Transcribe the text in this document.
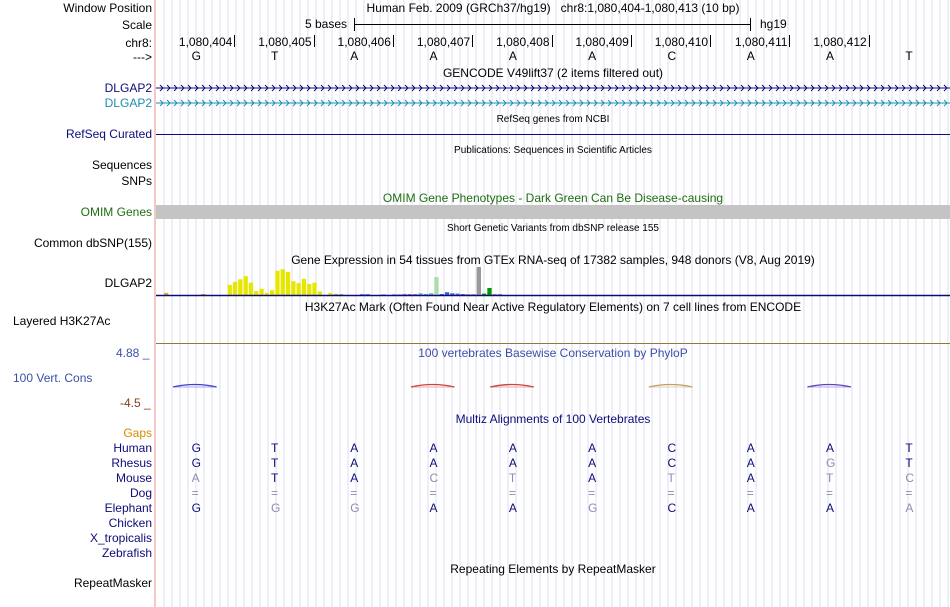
Window Position
Scale
chr8:
--->
Human Feb. 2009 (GRCh37/hg19)   chr8:1,080,404-1,080,413 (10 bp)
5 bases	hg19
1,080,404 1,080,405 1,080,406 1,080,407 1,080,408 1,080,409 1,080,410 1,080,411 1,080,412
G	T	A	A	A	A	C	A	A	T
GENCODE V49lift37 (2 items filtered out)
DLGAP2
DLGAP2
RefSeq genes from NCBI
RefSeq Curated
Publications: Sequences in Scientific Articles
Sequences
SNPs
OMIM Gene Phenotypes - Dark Green Can Be Disease-causing
OMIM Genes
Short Genetic Variants from dbSNP release 155
Common dbSNP(155)
Gene Expression in 54 tissues from GTEx RNA-seq of 17382 samples, 948 donors (V8, Aug 2019)
DLGAP2
H3K27Ac Mark (Often Found Near Active Regulatory Elements) on 7 cell lines from ENCODE
Layered H3K27Ac
100 vertebrates Basewise Conservation by PhyloP
4.88 _
100 Vert. Cons
-4.5 _
Multiz Alignments of 100 Vertebrates
Gaps
Human	G	T	A	A	A	A	C	A	A	T
Rhesus	G	T	A	A	A	A	C	A	G	T
Mouse	A	T	A	C	T	A	T	A	T	C
Dog	=	=	=	=	=	=	=	=	=	=
Elephant	G	G	G	A	A	G	C	A	A	A
Chicken
X_tropicalis
Zebrafish
Repeating Elements by RepeatMasker
RepeatMasker
